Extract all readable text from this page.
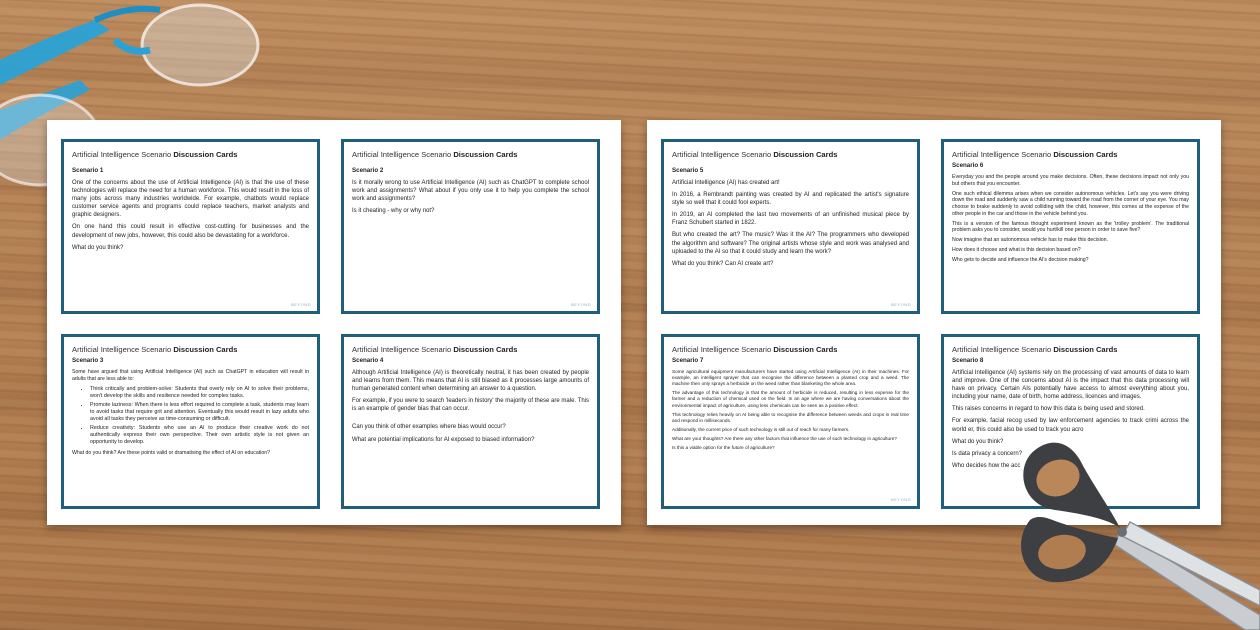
Artificial Intelligence Scenario Discussion Cards
Scenario 1

One of the concerns about the use of Artificial Intelligence (AI) is that the use of these technologies will replace the need for a human workforce. This would result in the loss of many jobs across many industries worldwide. For example, chatbots would replace customer service agents and programs could replace teachers, market analysts and graphic designers.

On one hand this could result in effective cost-cutting for businesses and the development of new jobs, however, this could also be devastating for a workforce.

What do you think?

BEYOND
Artificial Intelligence Scenario Discussion Cards
Scenario 2

Is it morally wrong to use Artificial Intelligence (AI) such as ChatGPT to complete school work and assignments? What about if you only use it to help you complete the school work and assignments?

Is it cheating - why or why not?

BEYOND
Artificial Intelligence Scenario Discussion Cards
Scenario 3

Some have argued that using Artificial Intelligence (AI) such as ChatGPT in education will result in adults that are less able to:

• Think critically and problem-solve: Students that overly rely on AI to solve their problems, won't develop the skills and resilience needed for complex tasks.
• Promote laziness: When there is less effort required to complete a task, students may learn to avoid tasks that require grit and attention. Eventually this would result in lazy adults who avoid all tasks they perceive as time-consuming or difficult.
• Reduce creativity: Students who use an AI to produce their creative work do not authentically express their own perspective. Their own artistic style is not given an opportunity to develop.

What do you think? Are these points valid or dramatising the effect of AI on education?

Artificial Intelligence Scenario Discussion Cards
Scenario 4

Although Artificial Intelligence (AI) is theoretically neutral, it has been created by people and learns from them. This means that AI is still biased as it processes large amounts of human generated content when determining an answer to a question.

For example, if you were to search 'leaders in history' the majority of these are male. This is an example of gender bias that can occur.

Can you think of other examples where bias would occur?

What are potential implications for AI exposed to biased information?

Artificial Intelligence Scenario Discussion Cards
Scenario 5

Artificial Intelligence (AI) has created art!

In 2016, a Rembrandt painting was created by AI and replicated the artist's signature style so well that it could fool experts.

In 2019, an AI completed the last two movements of an unfinished musical piece by Franz Schubert started in 1822.

But who created the art? The music? Was it the AI? The programmers who developed the algorithm and software? The original artists whose style and work was analysed and uploaded to the AI so that it could study and learn the work?

What do you think? Can AI create art?

BEYOND
Artificial Intelligence Scenario Discussion Cards
Scenario 6

Everyday you and the people around you make decisions. Often, these decisions impact not only you but others that you encounter.

One such ethical dilemma arises when we consider autonomous vehicles. Let's say you were driving down the road and suddenly saw a child running toward the road from the corner of your eye. You may choose to brake suddenly to avoid colliding with the child, however, this comes at the expense of the other people in the car and those in the vehicle behind you.

This is a version of the famous thought experiment known as the 'trolley problem'. The traditional problem asks you to consider, would you hurt/kill one person in order to save five?

Now imagine that an autonomous vehicle has to make this decision.

How does it choose and what is this decision based on?

Who gets to decide and influence the AI's decision making?

Artificial Intelligence Scenario Discussion Cards
Scenario 7

Some agricultural equipment manufacturers have started using Artificial Intelligence (AI) in their machines. For example, an intelligent sprayer that can recognise the difference between a planted crop and a weed. The machine then only sprays a herbicide on the weed rather than blanketing the whole area.

The advantage of this technology is that the amount of herbicide is reduced, resulting in less expense for the farmer and a reduction of chemical used on the field. In an age where we are having conversations about the environmental impact of agriculture, using less chemicals can be seen as a positive effect.

This technology relies heavily on AI being able to recognise the difference between weeds and crops in real time and respond in milliseconds.

Additionally, the current price of such technology is still out of reach for many farmers.

What are your thoughts? Are there any other factors that influence the use of such technology in agriculture?

Is this a viable option for the future of agriculture?

BEYOND
Artificial Intelligence Scenario Discussion Cards
Scenario 8

Artificial Intelligence (AI) systems rely on the processing of vast amounts of data to learn and improve. One of the concerns about AI is the impact that this data processing will have on privacy. Certain AIs potentially have access to almost everything about you, including your name, date of birth, home address, licences and images.

This raises concerns in regard to how this data is being used and stored.

For example, facial recog used by law enforcement agencies to track crimi across the world er, this could also be used to track you acro

What do you think?

Is data privacy a concern?

Who decides how the acc
